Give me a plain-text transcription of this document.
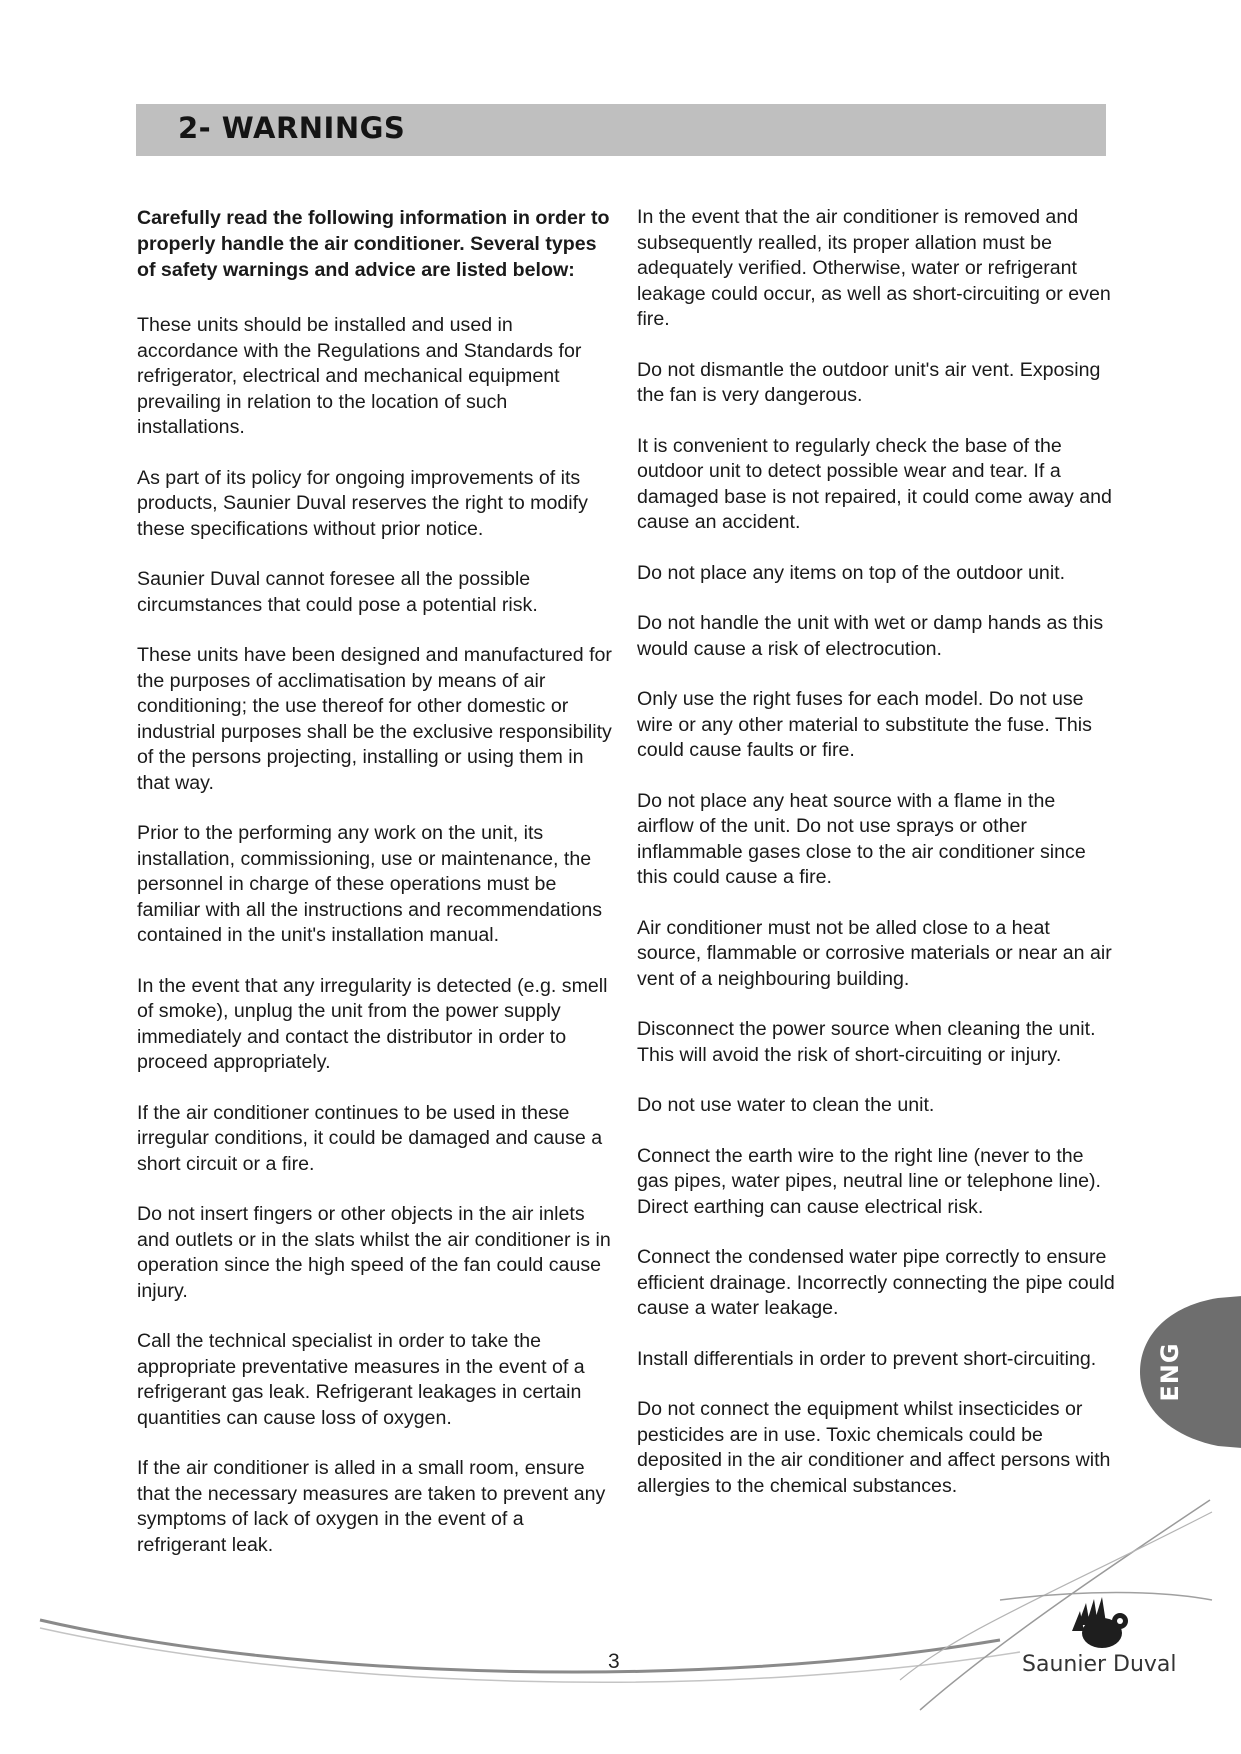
2- WARNINGS

Carefully read the following information in order to properly handle the air conditioner. Several types of safety warnings and advice are listed below:

These units should be installed and used in accordance with the Regulations and Standards for refrigerator, electrical and mechanical equipment prevailing in relation to the location of such installations.

As part of its policy for ongoing improvements of its products, Saunier Duval reserves the right to modify these specifications without prior notice.

Saunier Duval cannot foresee all the possible circumstances that could pose a potential risk.

These units have been designed and manufactured for the purposes of acclimatisation by means of air conditioning; the use thereof for other domestic or industrial purposes shall be the exclusive responsibility of the persons projecting, installing or using them in that way.

Prior to the performing any work on the unit, its installation, commissioning, use or maintenance, the personnel in charge of these operations must be familiar with all the instructions and recommendations contained in the unit's installation manual.

In the event that any irregularity is detected (e.g. smell of smoke), unplug the unit from the power supply immediately and contact the distributor in order to proceed appropriately.

If the air conditioner continues to be used in these irregular conditions, it could be damaged and cause a short circuit or a fire.

Do not insert fingers or other objects in the air inlets and outlets or in the slats whilst the air conditioner is in operation since the high speed of the fan could cause injury.

Call the technical specialist in order to take the appropriate preventative measures in the event of a refrigerant gas leak. Refrigerant leakages in certain quantities can cause loss of oxygen.

If the air conditioner is alled in a small room, ensure that the necessary measures are taken to prevent any symptoms of lack of oxygen in the event of a refrigerant leak.

In the event that the air conditioner is removed and subsequently realled, its proper allation must be adequately verified. Otherwise, water or refrigerant leakage could occur, as well as short-circuiting or even fire.

Do not dismantle the outdoor unit's air vent. Exposing the fan is very dangerous.

It is convenient to regularly check the base of the outdoor unit to detect possible wear and tear. If a damaged base is not repaired, it could come away and cause an accident.

Do not place any items on top of the outdoor unit.

Do not handle the unit with wet or damp hands as this would cause a risk of electrocution.

Only use the right fuses for each model. Do not use wire or any other material to substitute the fuse. This could cause faults or fire.

Do not place any heat source with a flame in the airflow of the unit. Do not use sprays or other inflammable gases close to the air conditioner since this could cause a fire.

Air conditioner must not be alled close to a heat source, flammable or corrosive materials or near an air vent of a neighbouring building.

Disconnect the power source when cleaning the unit. This will avoid the risk of short-circuiting or injury.

Do not use water to clean the unit.

Connect the earth wire to the right line (never to the gas pipes, water pipes, neutral line or telephone line). Direct earthing can cause electrical risk.

Connect the condensed water pipe correctly to ensure efficient drainage. Incorrectly connecting the pipe could cause a water leakage.

Install differentials in order to prevent short-circuiting.

Do not connect the equipment whilst insecticides or pesticides are in use. Toxic chemicals could be deposited in the air conditioner and affect persons with allergies to the chemical substances.

ENG
3	Saunier Duval
